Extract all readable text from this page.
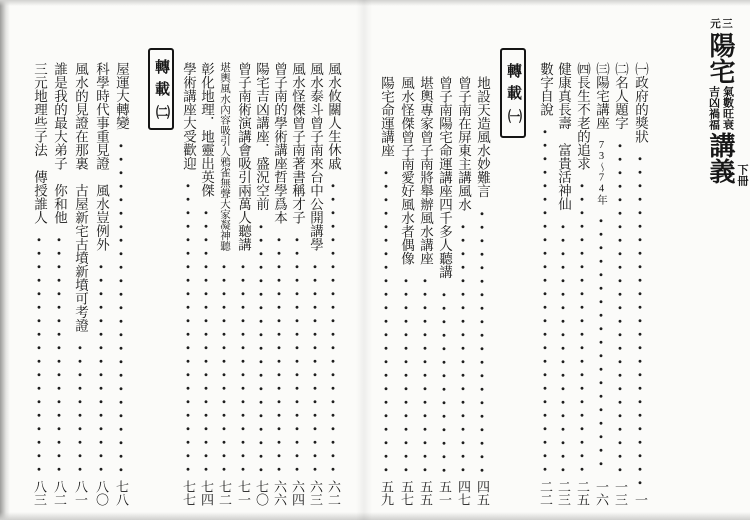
三元
陽宅
氣數旺衰
吉凶禍福
講義 下冊
㈠政府的獎狀
一
㈡名人題字
一三
㈢陽宅講座
73～74年
一六
㈣長生不老的追求
二五
健康真長壽　富貴活神仙
二三
數字自說
二二
轉載
㈠
地設天造風水妙難言
四五
曾子南在屏東主講風水
四七
曾子南陽宅命運講座四千多人聽講
五一
堪輿專家曾子南將舉辦風水講座
五五
風水怪傑曾子南愛好風水者偶像
五七
陽宅命運講座
五九
風水攸關人生休戚
六二
風水泰斗曾子南來台中公開講學
六三
風水怪傑曾子南著書稱才子
六四
曾子南的學術講座哲學爲本
六六
陽宅吉凶講座．盛況空前
七〇
曾子南術演講會吸引兩萬人聽講
七一
堪輿風水內容吸引人鴉雀無聲大家凝神聽
七二
彰化地理．地靈出英傑
七四
學術講座大受歡迎
七七
轉載
㈡
屋運大轉變
七八
科學時代事重見證　風水豈例外
八〇
風水的見證在那裏　古屋新宅古墳新墳可考證
八一
誰是我的最大弟子　你和他
八二
三元地理些子法　傳授誰人
八三
